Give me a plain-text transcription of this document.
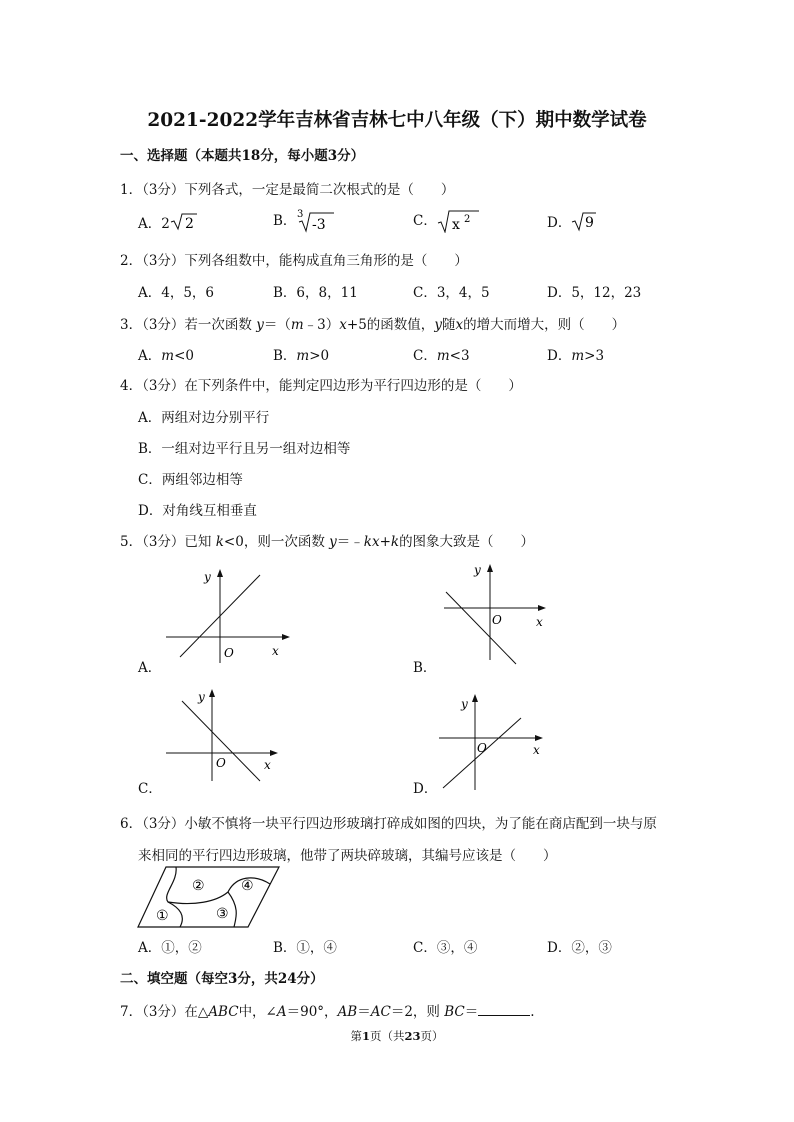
2021-2022学年吉林省吉林七中八年级（下）期中数学试卷
一、选择题（本题共18分，每小题3分）
1．（3分）下列各式，一定是最简二次根式的是（　　）
A．2 2	B． 3
-3	C． x 2	D． 9
2．（3分）下列各组数中，能构成直角三角形的是（　　）
A．4，5，6	B．6，8，11	C．3，4，5	D．5，12，23
3．（3分）若一次函数 y＝（m﹣3）x+5的函数值，y随x的增大而增大，则（　　）
A．m<0	B．m>0	C．m<3	D．m>3
4．（3分）在下列条件中，能判定四边形为平行四边形的是（　　）
A．两组对边分别平行
B．一组对边平行且另一组对边相等
C．两组邻边相等
D．对角线互相垂直
5．（3分）已知 k<0，则一次函数 y＝﹣kx+k的图象大致是（　　）
y
x
O
A．
y
x
O
B．
y
x
O
C．
y
x
O
D．
6．（3分）小敏不慎将一块平行四边形玻璃打碎成如图的四块，为了能在商店配到一块与原
来相同的平行四边形玻璃，他带了两块碎玻璃，其编号应该是（　　）
①
②
③
④
A．①，②	B．①，④	C．③，④	D．②，③
二、填空题（每空3分，共24分）
7．（3分）在△ABC中，∠A＝90°，AB＝AC＝2，则 BC＝	.
第1页（共23页）
